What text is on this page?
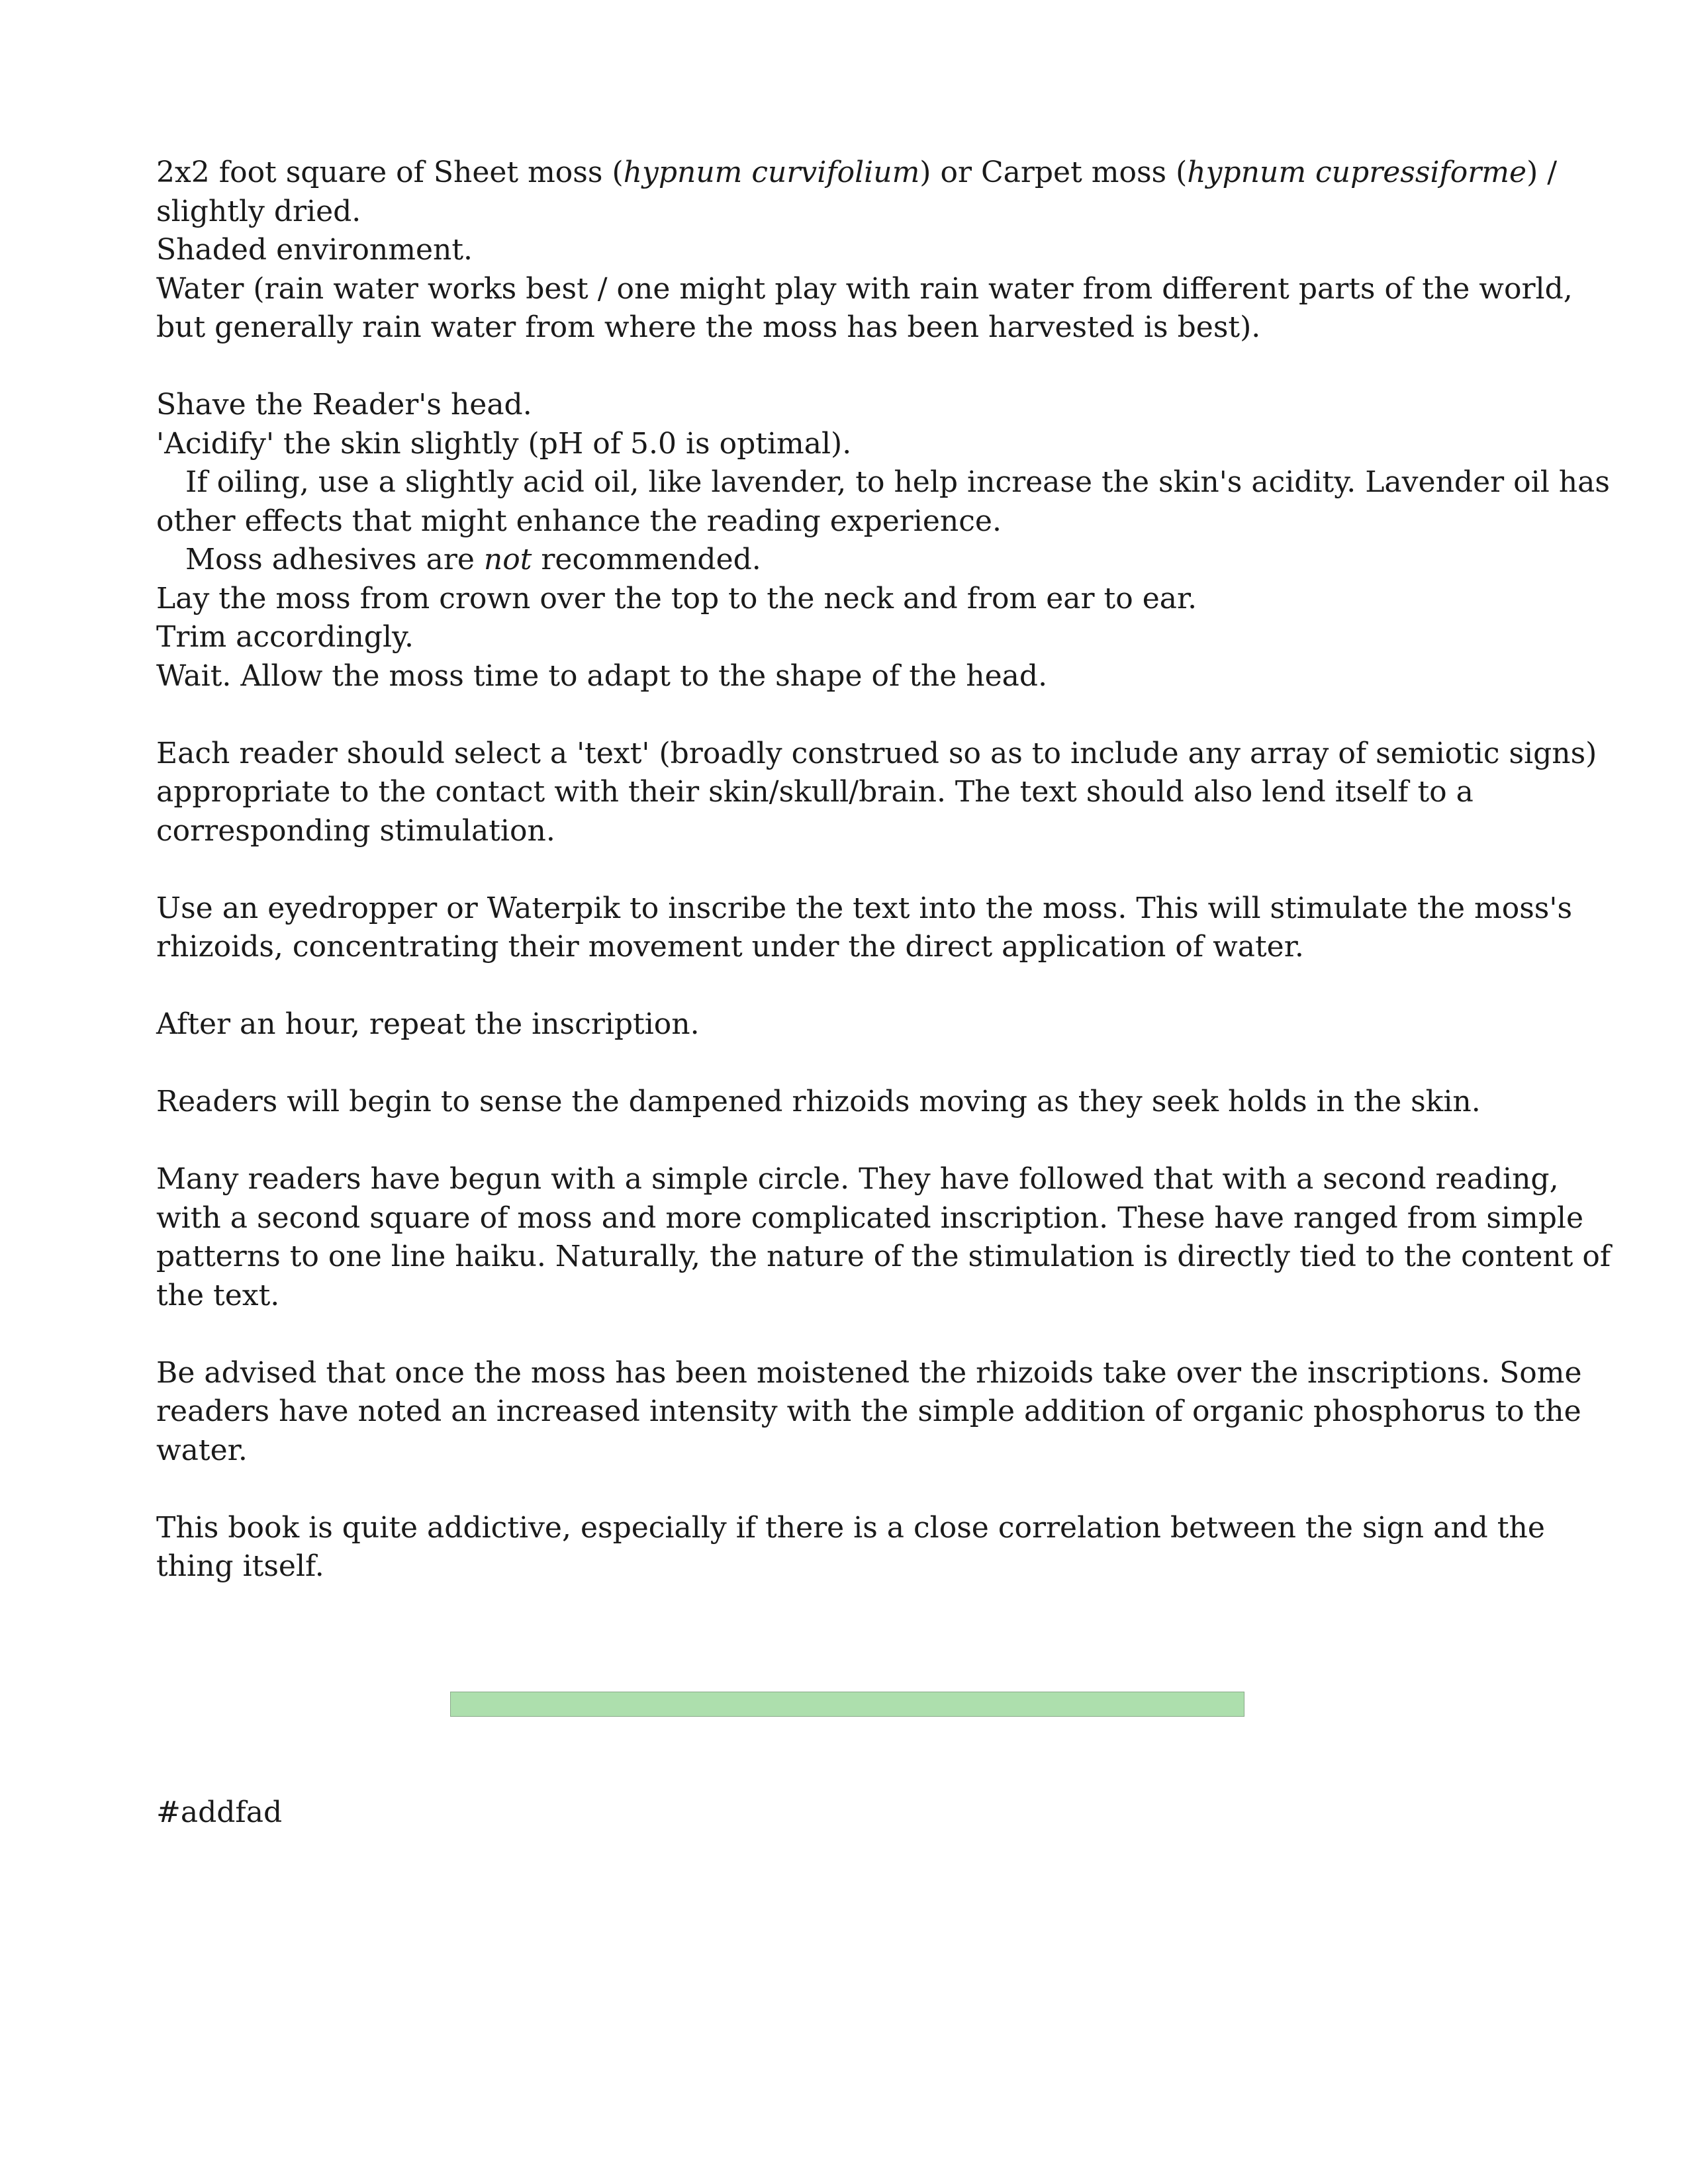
2x2 foot square of Sheet moss (hypnum curvifolium) or Carpet moss (hypnum cupressiforme) /
slightly dried.
Shaded environment.
Water (rain water works best / one might play with rain water from different parts of the world,
but generally rain water from where the moss has been harvested is best).
Shave the Reader's head.
'Acidify' the skin slightly (pH of 5.0 is optimal).
If oiling, use a slightly acid oil, like lavender, to help increase the skin's acidity. Lavender oil has
other effects that might enhance the reading experience.
Moss adhesives are not recommended.
Lay the moss from crown over the top to the neck and from ear to ear.
Trim accordingly.
Wait. Allow the moss time to adapt to the shape of the head.
Each reader should select a 'text' (broadly construed so as to include any array of semiotic signs)
appropriate to the contact with their skin/skull/brain. The text should also lend itself to a
corresponding stimulation.
Use an eyedropper or Waterpik to inscribe the text into the moss. This will stimulate the moss's
rhizoids, concentrating their movement under the direct application of water.
After an hour, repeat the inscription.
Readers will begin to sense the dampened rhizoids moving as they seek holds in the skin.
Many readers have begun with a simple circle. They have followed that with a second reading,
with a second square of moss and more complicated inscription. These have ranged from simple
patterns to one line haiku. Naturally, the nature of the stimulation is directly tied to the content of
the text.
Be advised that once the moss has been moistened the rhizoids take over the inscriptions. Some
readers have noted an increased intensity with the simple addition of organic phosphorus to the
water.
This book is quite addictive, especially if there is a close correlation between the sign and the
thing itself.
#addfad
